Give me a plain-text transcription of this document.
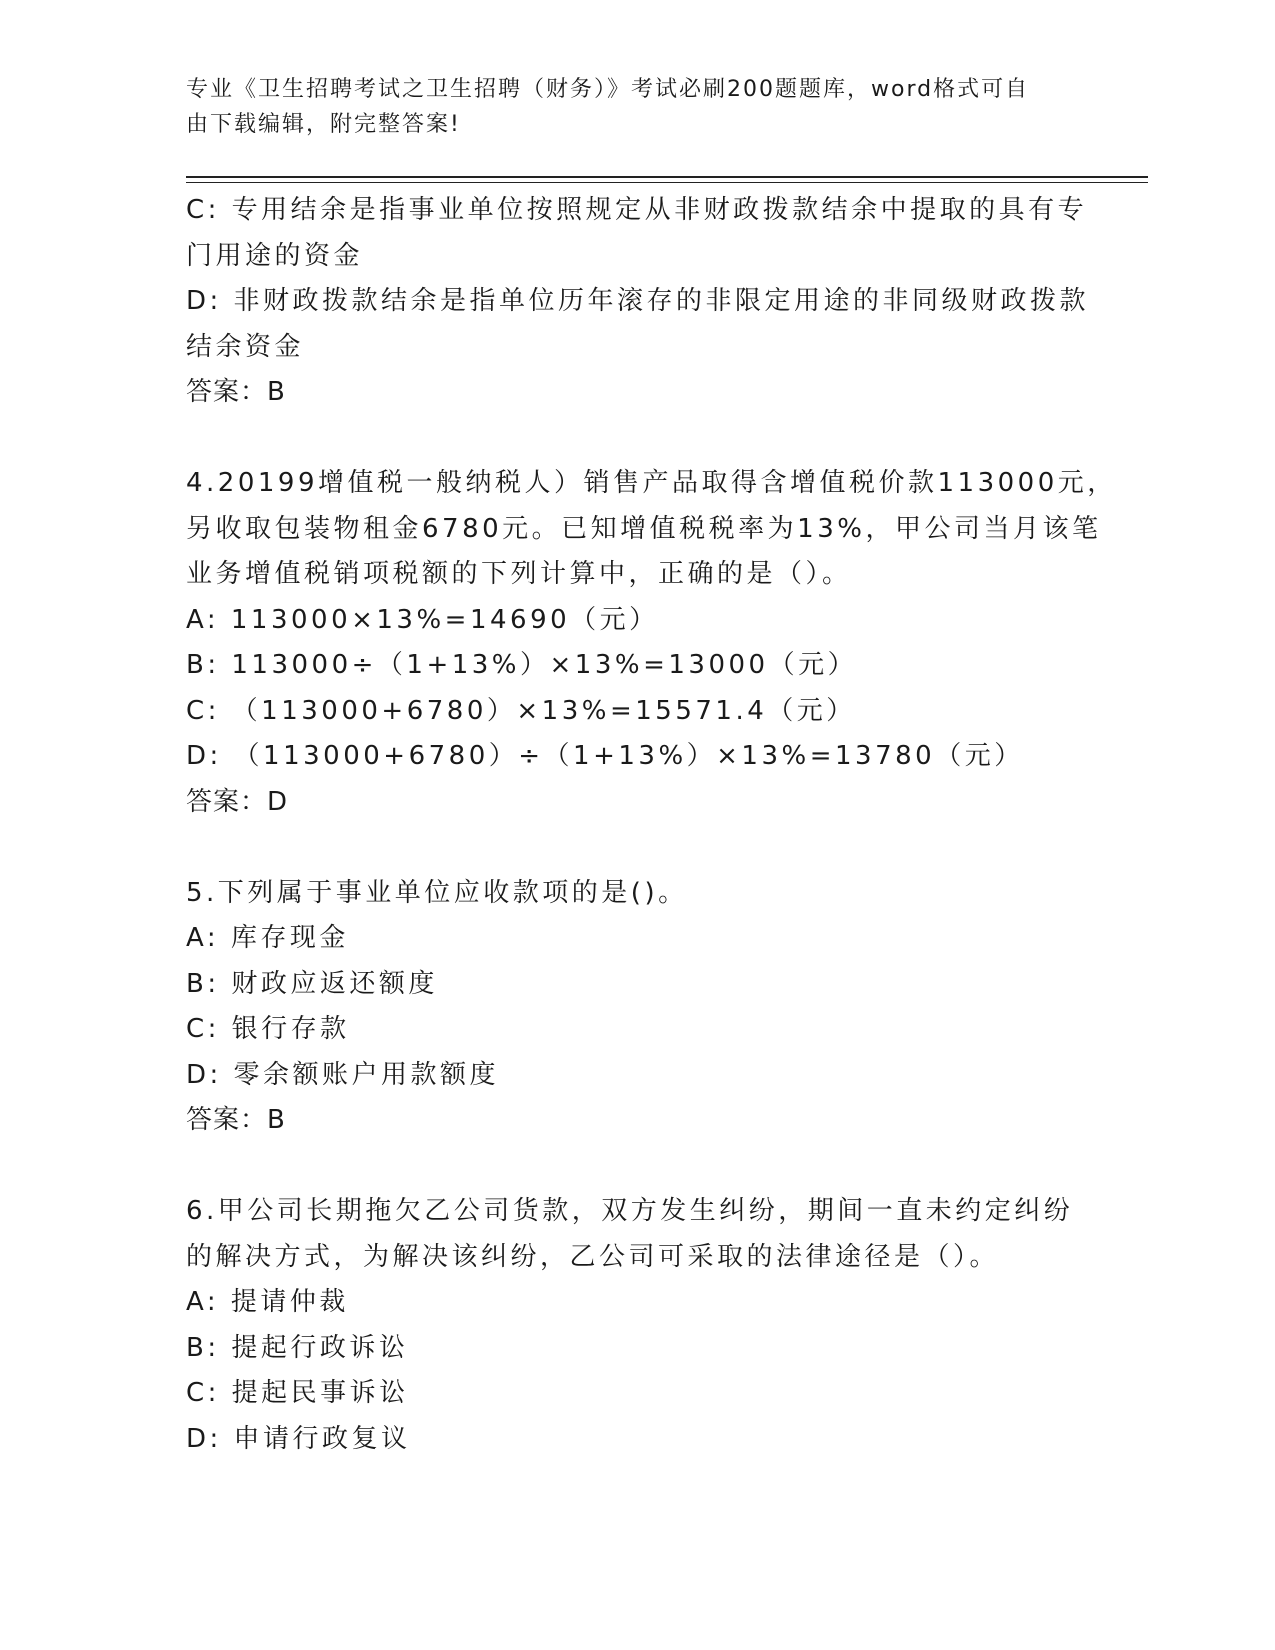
专业《卫生招聘考试之卫生招聘（财务）》考试必刷200题题库，word格式可自
由下载编辑，附完整答案!
C: 专用结余是指事业单位按照规定从非财政拨款结余中提取的具有专
门用途的资金
D: 非财政拨款结余是指单位历年滚存的非限定用途的非同级财政拨款
结余资金
答案：B
4.20199增值税一般纳税人）销售产品取得含增值税价款113000元，
另收取包装物租金6780元。已知增值税税率为13%，甲公司当月该笔
业务增值税销项税额的下列计算中，正确的是（）。
A: 113000×13%=14690（元）
B: 113000÷（1+13%）×13%=13000（元）
C: （113000+6780）×13%=15571.4（元）
D: （113000+6780）÷（1+13%）×13%=13780（元）
答案：D
5.下列属于事业单位应收款项的是()。
A: 库存现金
B: 财政应返还额度
C: 银行存款
D: 零余额账户用款额度
答案：B
6.甲公司长期拖欠乙公司货款，双方发生纠纷，期间一直未约定纠纷
的解决方式，为解决该纠纷，乙公司可采取的法律途径是（）。
A: 提请仲裁
B: 提起行政诉讼
C: 提起民事诉讼
D: 申请行政复议
